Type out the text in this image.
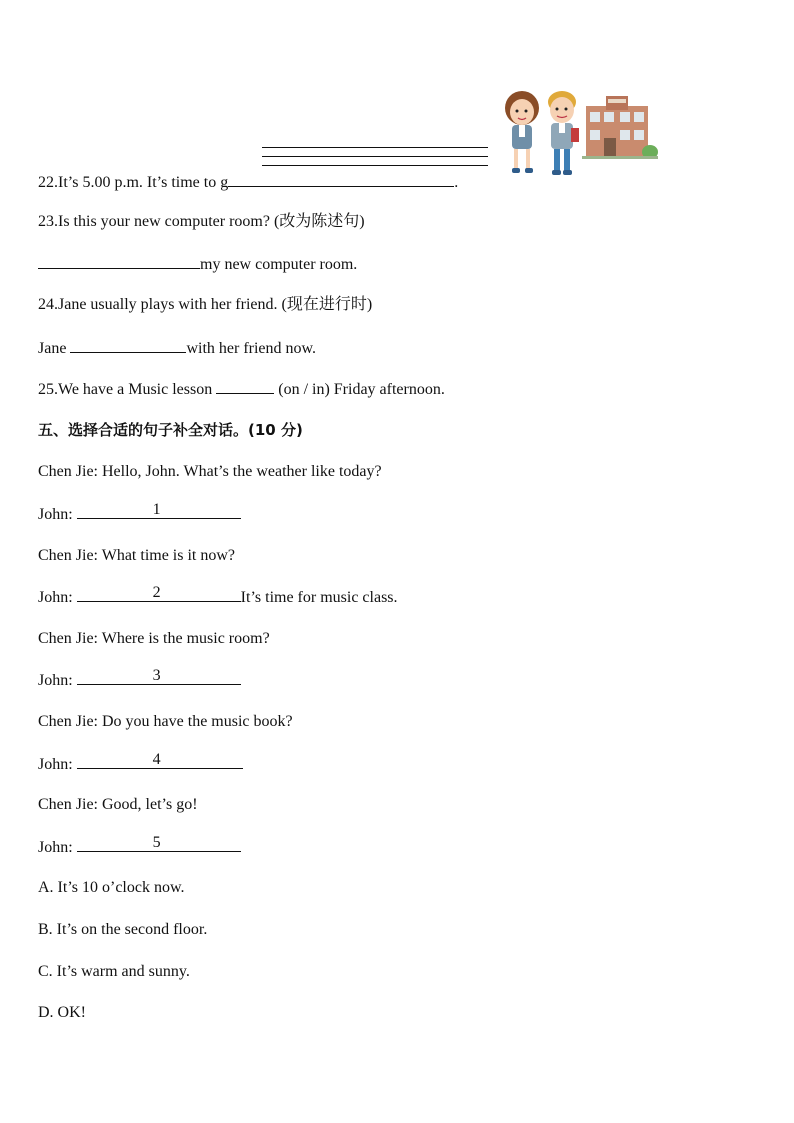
22.It’s 5.00 p.m. It’s time to g	.
23.Is this your new computer room? (改为陈述句)
my new computer room.
24.Jane usually plays with her friend. (现在进行时)
Jane	with her friend now.
25.We have a Music lesson	(on / in) Friday afternoon.
五、选择合适的句子补全对话。(10 分)
Chen Jie: Hello, John. What’s the weather like today?
John:	1
Chen Jie: What time is it now?
John:	2	It’s time for music class.
Chen Jie: Where is the music room?
John:	3
Chen Jie: Do you have the music book?
John:	4
Chen Jie: Good, let’s go!
John:	5
A. It’s 10 o’clock now.
B. It’s on the second floor.
C. It’s warm and sunny.
D. OK!
